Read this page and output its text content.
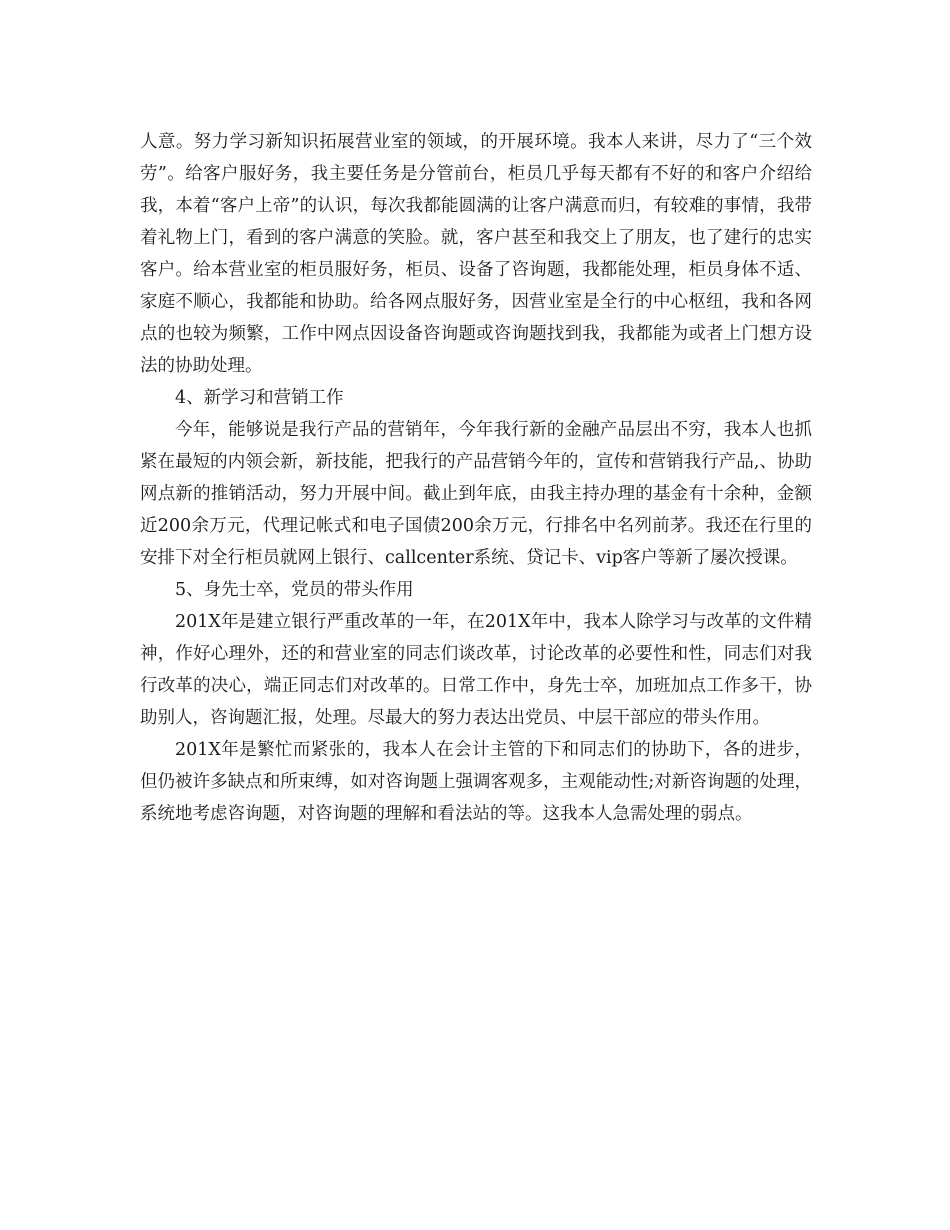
人意。努力学习新知识拓展营业室的领域，的开展环境。我本人来讲，尽力了“三个效劳”。给客户服好务，我主要任务是分管前台，柜员几乎每天都有不好的和客户介绍给我，本着“客户上帝”的认识，每次我都能圆满的让客户满意而归，有较难的事情，我带着礼物上门，看到的客户满意的笑脸。就，客户甚至和我交上了朋友，也了建行的忠实客户。给本营业室的柜员服好务，柜员、设备了咨询题，我都能处理，柜员身体不适、家庭不顺心，我都能和协助。给各网点服好务，因营业室是全行的中心枢纽，我和各网点的也较为频繁，工作中网点因设备咨询题或咨询题找到我，我都能为或者上门想方设法的协助处理。

4、新学习和营销工作

今年，能够说是我行产品的营销年，今年我行新的金融产品层出不穷，我本人也抓紧在最短的内领会新，新技能，把我行的产品营销今年的，宣传和营销我行产品,、协助网点新的推销活动，努力开展中间。截止到年底，由我主持办理的基金有十余种，金额近200余万元，代理记帐式和电子国债200余万元，行排名中名列前茅。我还在行里的安排下对全行柜员就网上银行、callcenter系统、贷记卡、vip客户等新了屡次授课。

5、身先士卒，党员的带头作用

201X年是建立银行严重改革的一年，在201X年中，我本人除学习与改革的文件精神，作好心理外，还的和营业室的同志们谈改革，讨论改革的必要性和性，同志们对我行改革的决心，端正同志们对改革的。日常工作中，身先士卒，加班加点工作多干，协助别人，咨询题汇报，处理。尽最大的努力表达出党员、中层干部应的带头作用。

201X年是繁忙而紧张的，我本人在会计主管的下和同志们的协助下，各的进步，但仍被许多缺点和所束缚，如对咨询题上强调客观多，主观能动性;对新咨询题的处理，系统地考虑咨询题，对咨询题的理解和看法站的等。这我本人急需处理的弱点。
